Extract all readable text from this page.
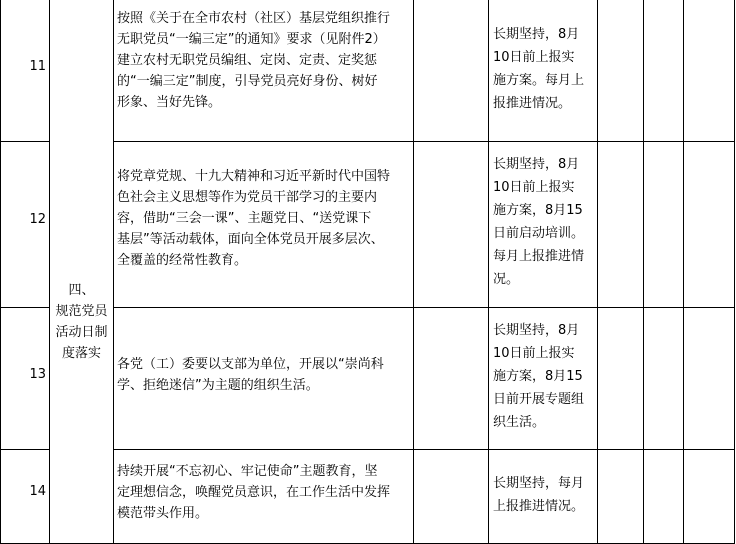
11
按照《关于在全市农村（社区）基层党组织推行
无职党员“一编三定”的通知》要求（见附件2）
建立农村无职党员编组、定岗、定责、定奖惩
的“一编三定”制度，引导党员亮好身份、树好
形象、当好先锋。
长期坚持，8月
10日前上报实
施方案。每月上
报推进情况。
12
将党章党规、十九大精神和习近平新时代中国特
色社会主义思想等作为党员干部学习的主要内
容，借助“三会一课”、主题党日、“送党课下
基层”等活动载体，面向全体党员开展多层次、
全覆盖的经常性教育。
长期坚持，8月
10日前上报实
施方案，8月15
日前启动培训。
每月上报推进情
况。
四、
规范党员
活动日制
度落实
13
各党（工）委要以支部为单位，开展以“崇尚科
学、拒绝迷信”为主题的组织生活。
长期坚持，8月
10日前上报实
施方案，8月15
日前开展专题组
织生活。
14
持续开展“不忘初心、牢记使命”主题教育，坚
定理想信念，唤醒党员意识，在工作生活中发挥
模范带头作用。
长期坚持，每月
上报推进情况。
